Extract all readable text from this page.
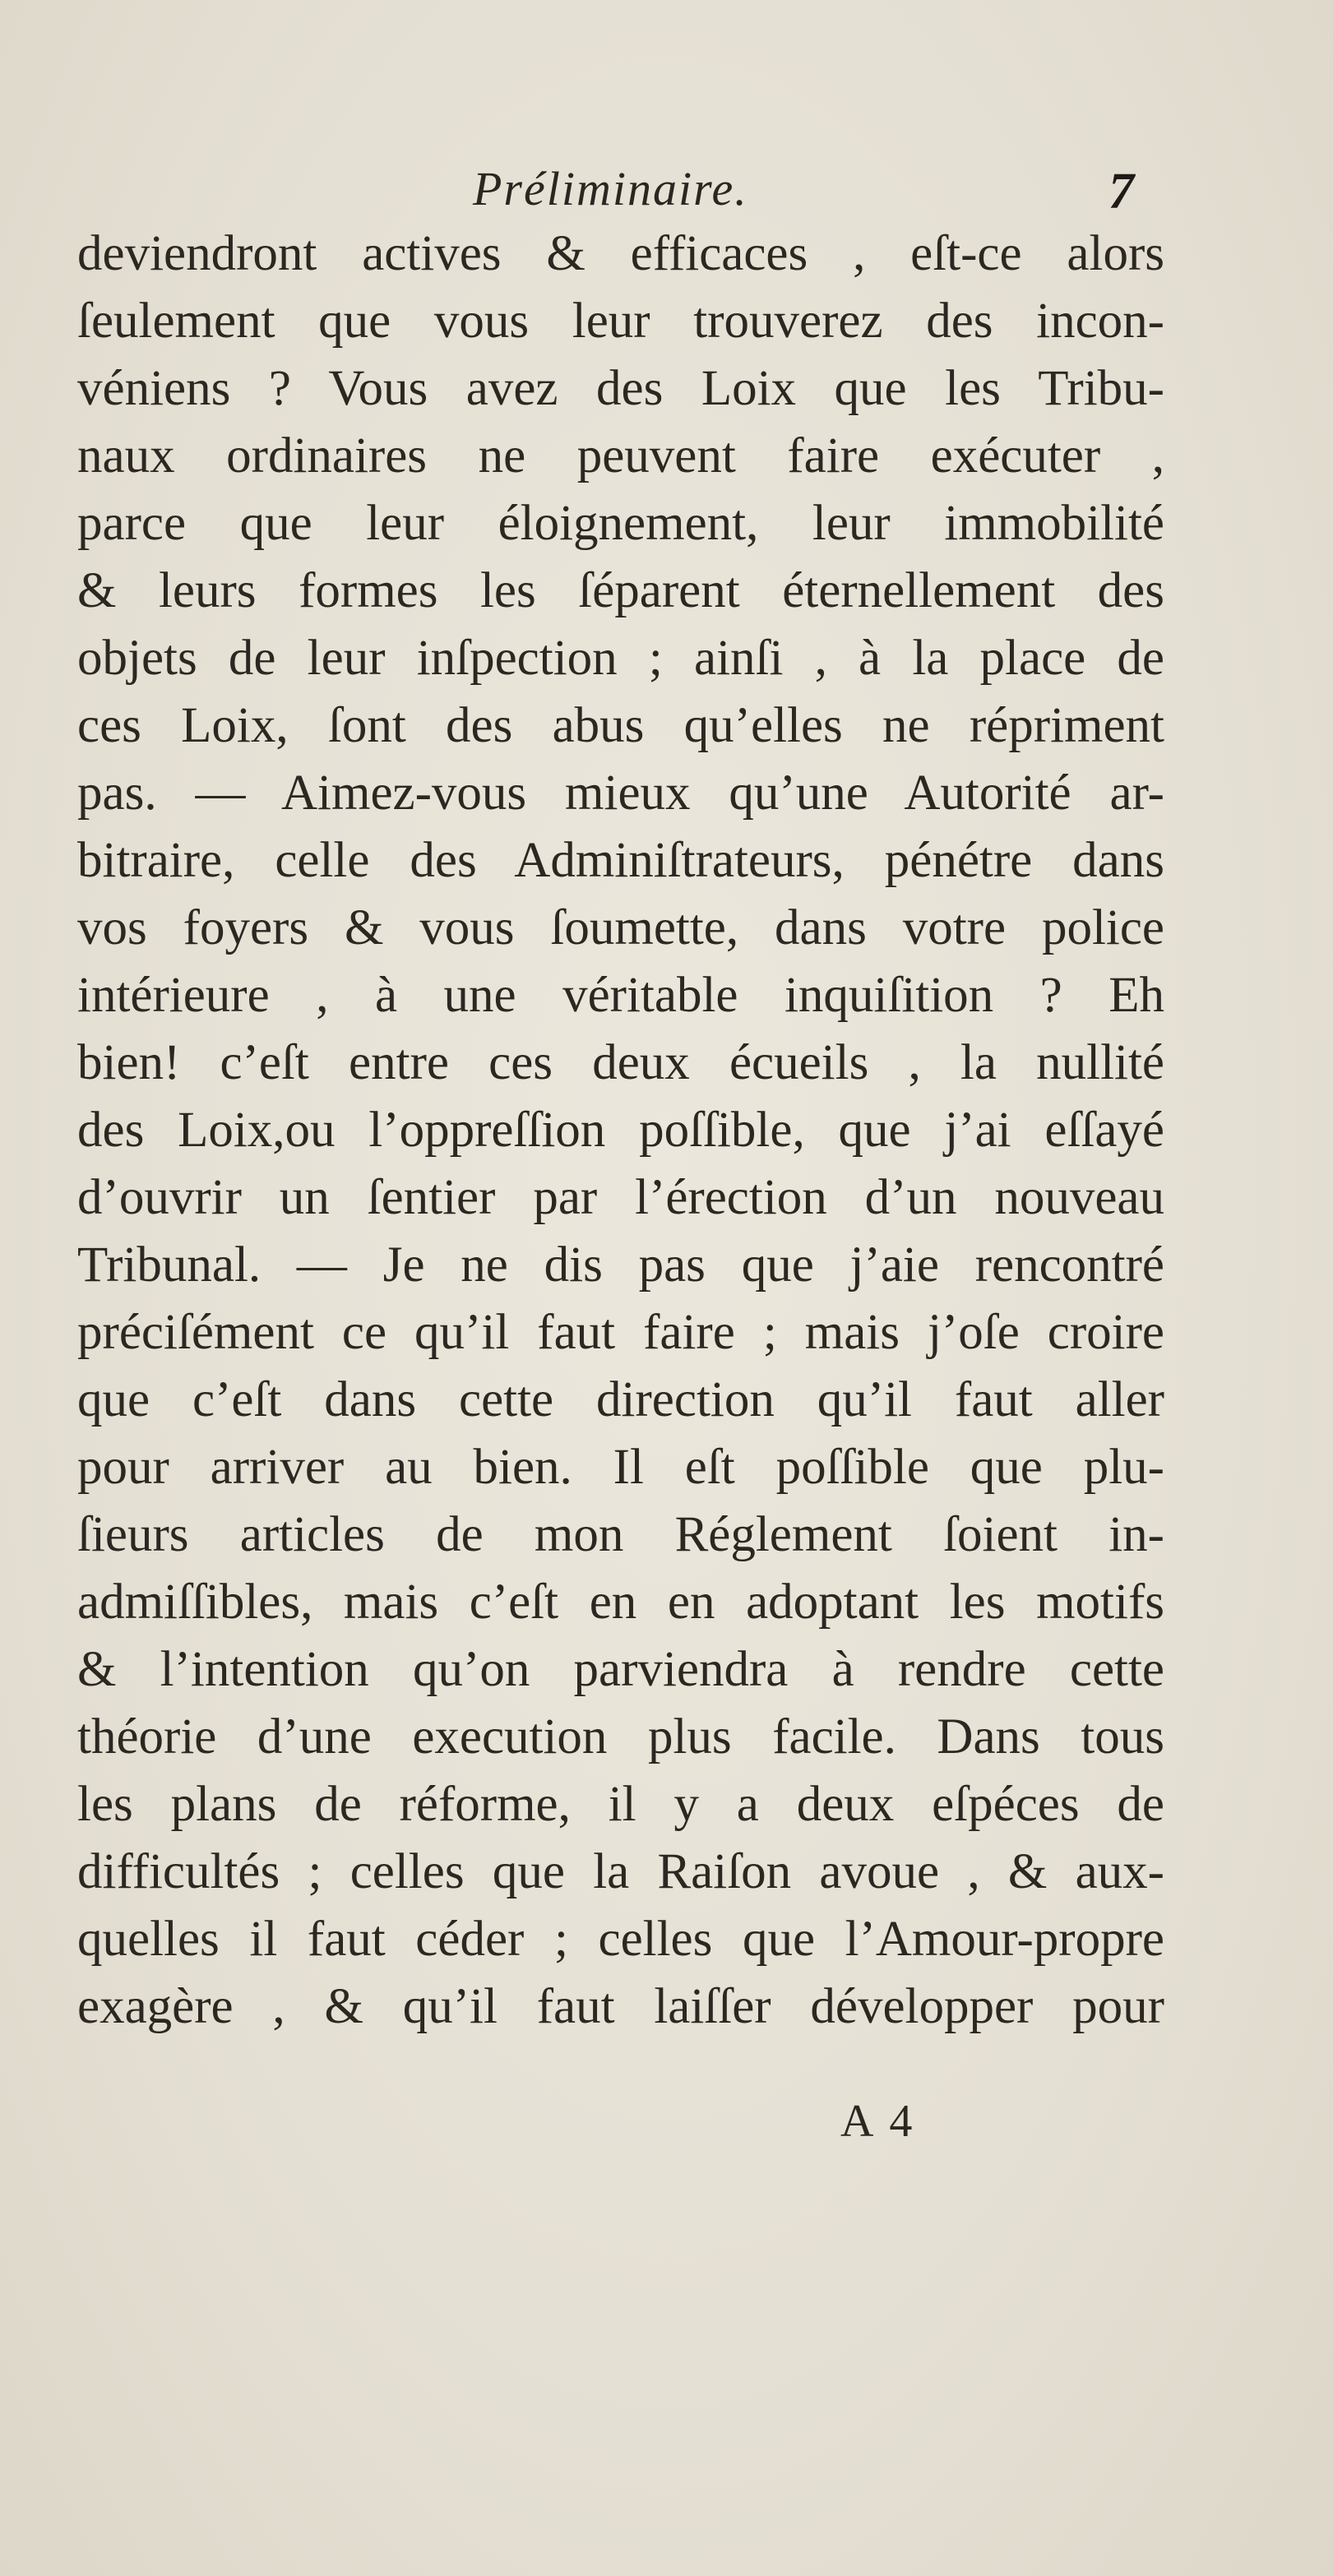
Préliminaire.	7
deviendront actives & efficaces , eſt-ce alors
ſeulement que vous leur trouverez des incon-
véniens ? Vous avez des Loix que les Tribu-
naux ordinaires ne peuvent faire exécuter ,
parce que leur éloignement, leur immobilité
& leurs formes les ſéparent éternellement des
objets de leur inſpection ; ainſi , à la place de
ces Loix, ſont des abus qu’elles ne répriment
pas. — Aimez-vous mieux qu’une Autorité ar-
bitraire, celle des Adminiſtrateurs, pénétre dans
vos foyers & vous ſoumette, dans votre police
intérieure , à une véritable inquiſition ? Eh
bien! c’eſt entre ces deux écueils , la nullité
des Loix,ou l’oppreſſion poſſible, que j’ai eſſayé
d’ouvrir un ſentier par l’érection d’un nouveau
Tribunal. — Je ne dis pas que j’aie rencontré
préciſément ce qu’il faut faire ; mais j’oſe croire
que c’eſt dans cette direction qu’il faut aller
pour arriver au bien. Il eſt poſſible que plu-
ſieurs articles de mon Réglement ſoient in-
admiſſibles, mais c’eſt en en adoptant les motifs
& l’intention qu’on parviendra à rendre cette
théorie d’une execution plus facile. Dans tous
les plans de réforme, il y a deux eſpéces de
difficultés ; celles que la Raiſon avoue , & aux-
quelles il faut céder ; celles que l’Amour-propre
exagère , & qu’il faut laiſſer développer pour
A 4
